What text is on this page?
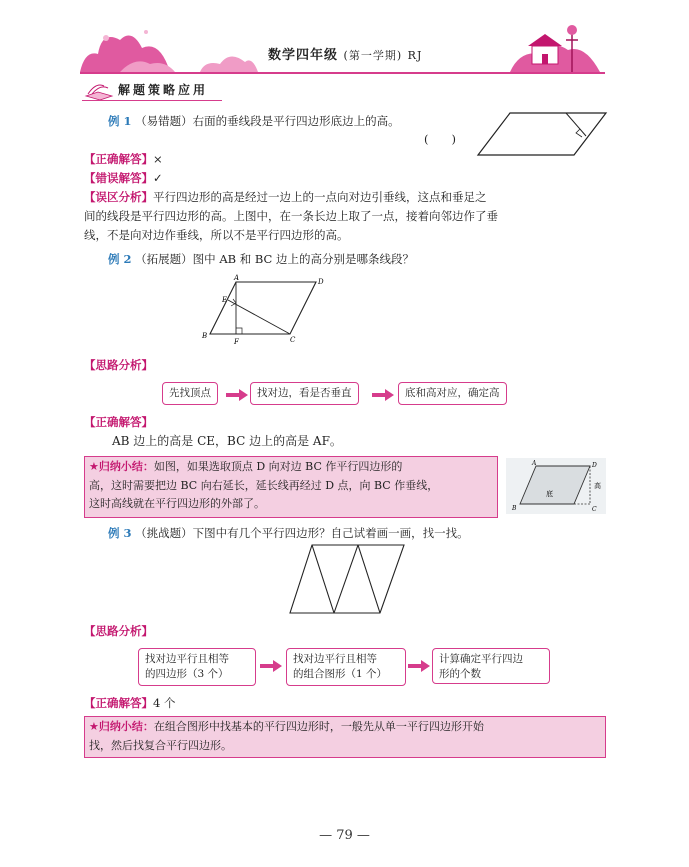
数学四年级 (第一学期) RJ
解题策略应用
例 1 （易错题）右面的垂线段是平行四边形底边上的高。
(　　)
【正确解答】×
【错误解答】✓
【误区分析】平行四边形的高是经过一边上的一点向对边引垂线，这点和垂足之
间的线段是平行四边形的高。上图中，在一条长边上取了一点，接着向邻边作了垂
线，不是向对边作垂线，所以不是平行四边形的高。
例 2 （拓展题）图中 AB 和 BC 边上的高分别是哪条线段？
A	D
B	C
E
F
【思路分析】
先找顶点	找对边，看是否垂直	底和高对应，确定高
【正确解答】
AB 边上的高是 CE，BC 边上的高是 AF。
★归纳小结：如图，如果选取顶点 D 向对边 BC 作平行四边形的
高，这时需要把边 BC 向右延长，延长线再经过 D 点，向 BC 作垂线，
这时高线就在平行四边形的外部了。
A	D
B	C
底
高
例 3 （挑战题）下图中有几个平行四边形？自己试着画一画，找一找。
【思路分析】
找对边平行且相等
的四边形（3 个）
找对边平行且相等
的组合图形（1 个）
计算确定平行四边
形的个数
【正确解答】4 个
★归纳小结：在组合图形中找基本的平行四边形时，一般先从单一平行四边形开始
找，然后找复合平行四边形。
— 79 —
